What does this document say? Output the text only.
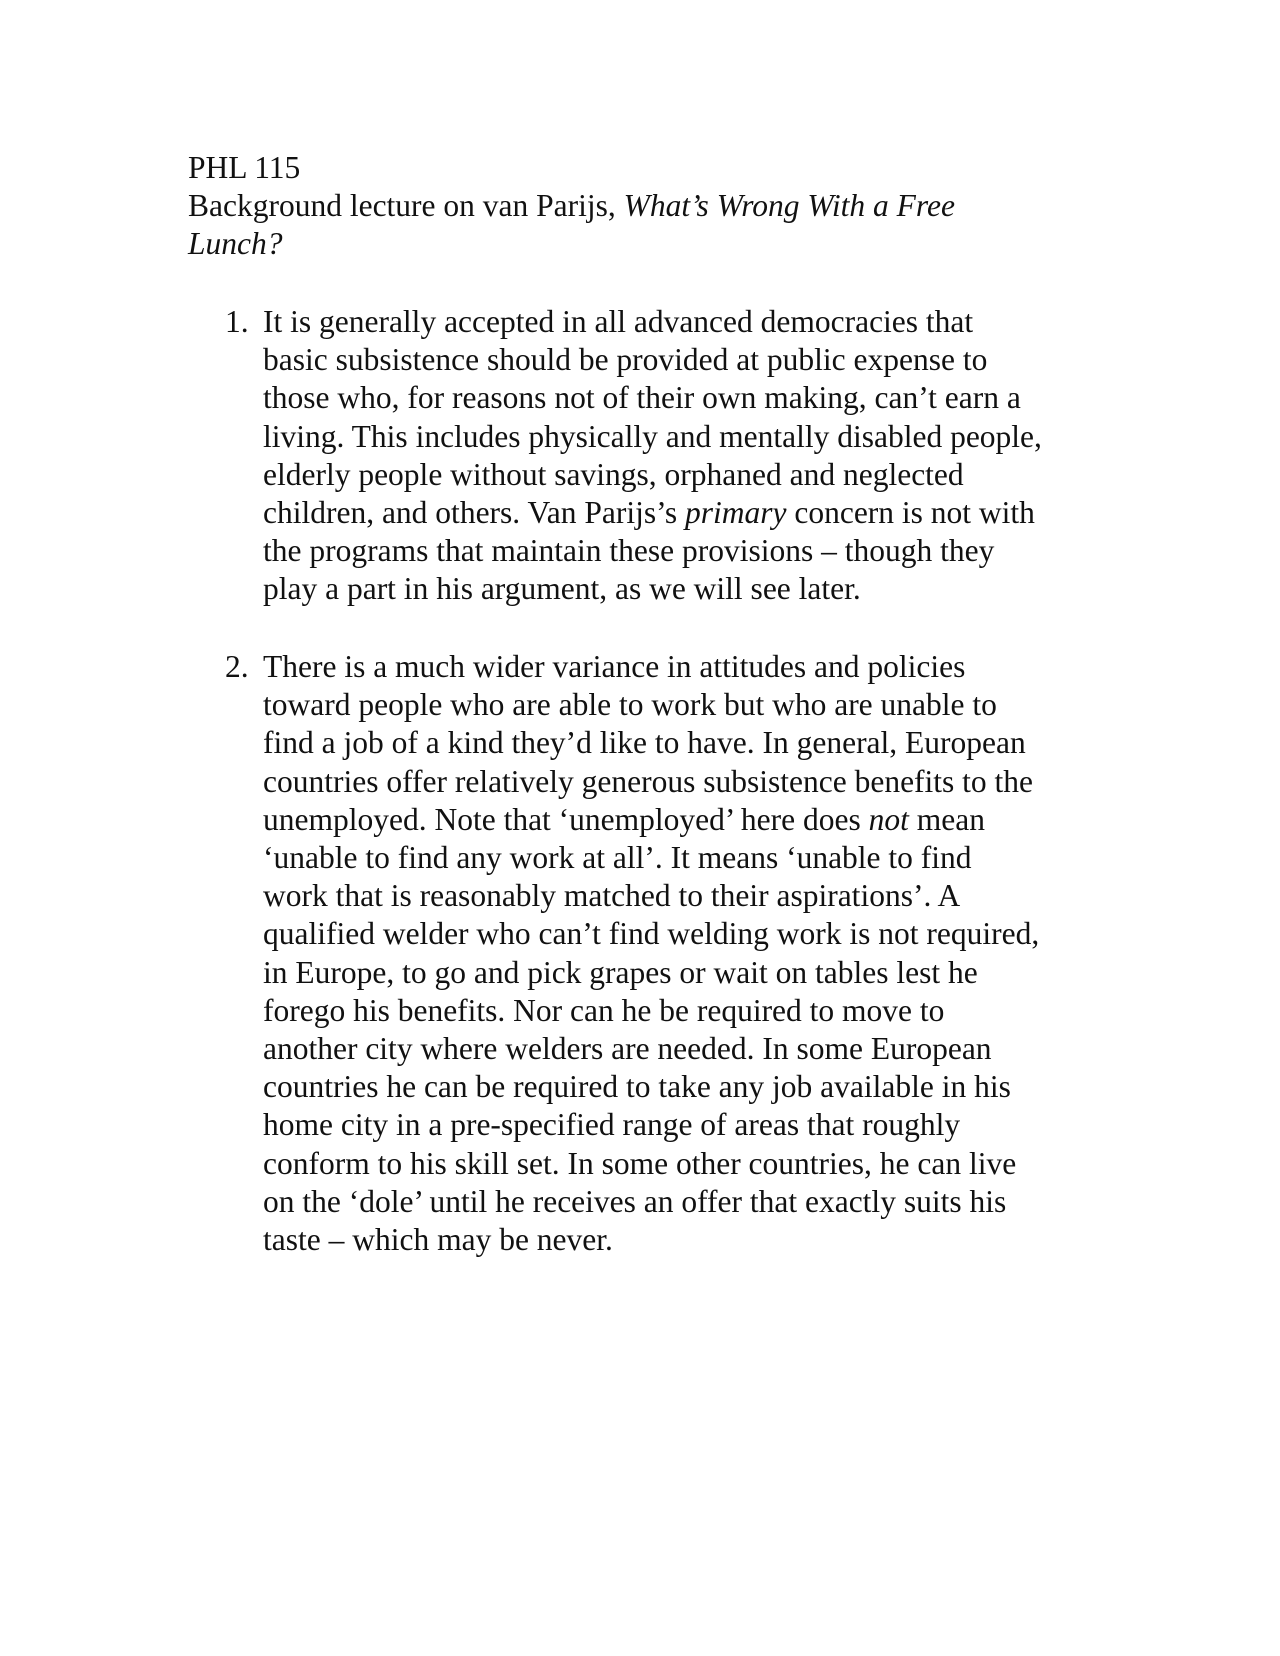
PHL 115
Background lecture on van Parijs, What’s Wrong With a Free
Lunch?
1. It is generally accepted in all advanced democracies that
basic subsistence should be provided at public expense to
those who, for reasons not of their own making, can’t earn a
living. This includes physically and mentally disabled people,
elderly people without savings, orphaned and neglected
children, and others. Van Parijs’s primary concern is not with
the programs that maintain these provisions – though they
play a part in his argument, as we will see later.
2. There is a much wider variance in attitudes and policies
toward people who are able to work but who are unable to
find a job of a kind they’d like to have. In general, European
countries offer relatively generous subsistence benefits to the
unemployed. Note that ‘unemployed’ here does not mean
‘unable to find any work at all’. It means ‘unable to find
work that is reasonably matched to their aspirations’. A
qualified welder who can’t find welding work is not required,
in Europe, to go and pick grapes or wait on tables lest he
forego his benefits. Nor can he be required to move to
another city where welders are needed. In some European
countries he can be required to take any job available in his
home city in a pre-specified range of areas that roughly
conform to his skill set. In some other countries, he can live
on the ‘dole’ until he receives an offer that exactly suits his
taste – which may be never.
